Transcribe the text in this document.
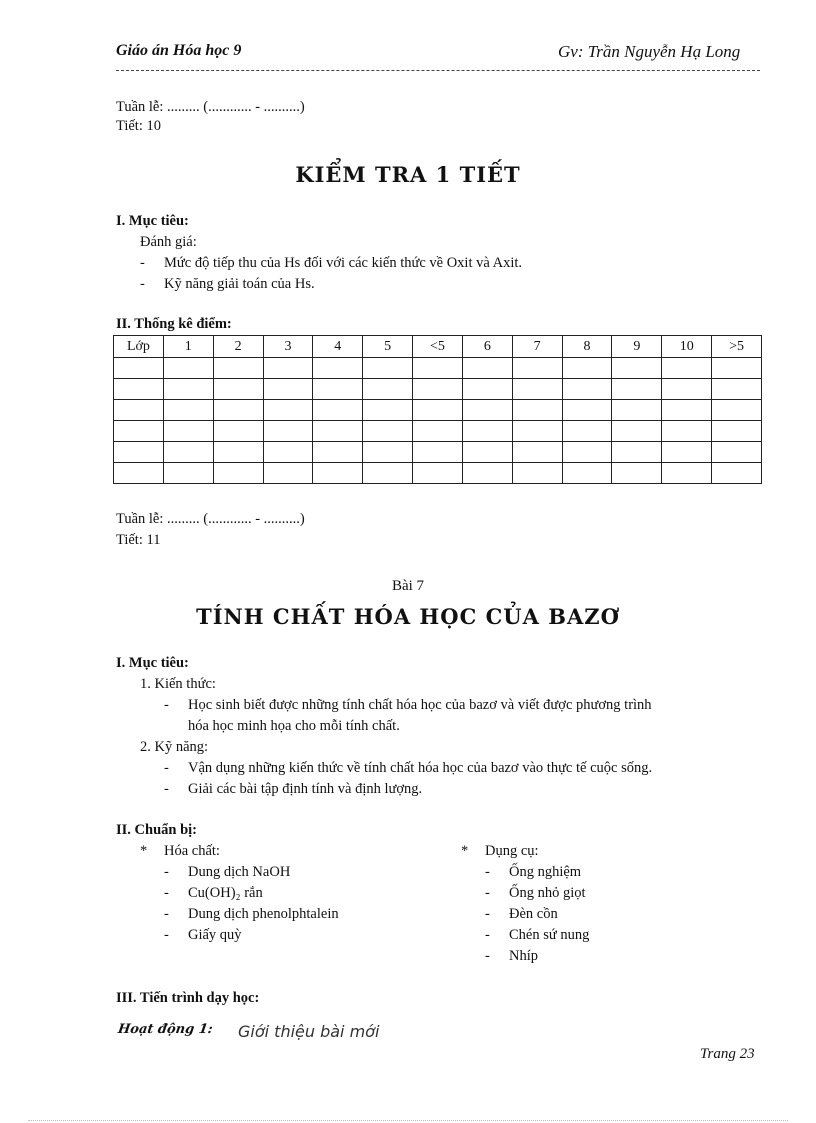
Giáo án Hóa học 9	Gv: Trần Nguyễn Hạ Long
Tuần lễ: ......... (............ - ..........)
Tiết: 10
KIỂM TRA 1 TIẾT
I. Mục tiêu:
Đánh giá:
- Mức độ tiếp thu của Hs đối với các kiến thức về Oxit và Axit.
- Kỹ năng giải toán của Hs.
II. Thống kê điểm:
Lớp	1	2	3	4	5	<5	6	7	8	9	10	>5

Tuần lễ: ......... (............ - ..........)
Tiết: 11
Bài 7
TÍNH CHẤT HÓA HỌC CỦA BAZƠ
I. Mục tiêu:
1. Kiến thức:
- Học sinh biết được những tính chất hóa học của bazơ và viết được phương trình
hóa học minh họa cho mỗi tính chất.
2. Kỹ năng:
- Vận dụng những kiến thức về tính chất hóa học của bazơ vào thực tế cuộc sống.
- Giải các bài tập định tính và định lượng.
II. Chuẩn bị:
* Hóa chất:
- Dung dịch NaOH
- Cu(OH)₂ rắn
- Dung dịch phenolphtalein
- Giấy quỳ
* Dụng cụ:
- Ống nghiệm
- Ống nhỏ giọt
- Đèn cồn
- Chén sứ nung
- Nhíp
III. Tiến trình dạy học:
Hoạt động 1: Giới thiệu bài mới
Trang 23
